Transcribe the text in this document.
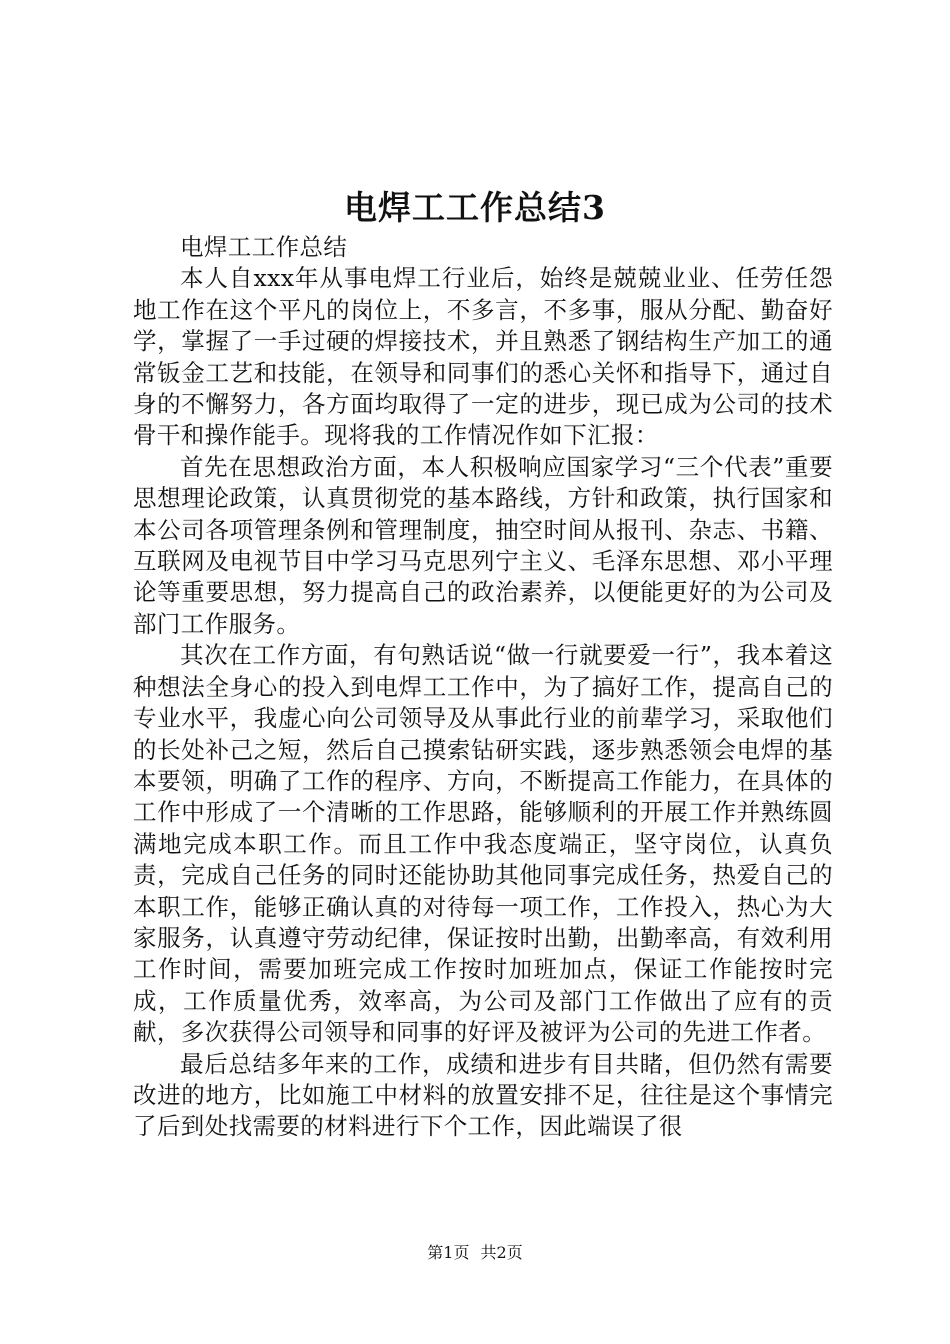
电焊工工作总结3

电焊工工作总结

本人自xxx年从事电焊工行业后，始终是兢兢业业、任劳任怨地工作在这个平凡的岗位上，不多言，不多事，服从分配、勤奋好学，掌握了一手过硬的焊接技术，并且熟悉了钢结构生产加工的通常钣金工艺和技能，在领导和同事们的悉心关怀和指导下，通过自身的不懈努力，各方面均取得了一定的进步，现已成为公司的技术骨干和操作能手。现将我的工作情况作如下汇报：

首先在思想政治方面，本人积极响应国家学习“三个代表”重要思想理论政策，认真贯彻党的基本路线，方针和政策，执行国家和本公司各项管理条例和管理制度，抽空时间从报刊、杂志、书籍、互联网及电视节目中学习马克思列宁主义、毛泽东思想、邓小平理论等重要思想，努力提高自己的政治素养，以便能更好的为公司及部门工作服务。

其次在工作方面，有句熟话说“做一行就要爱一行”，我本着这种想法全身心的投入到电焊工工作中，为了搞好工作，提高自己的专业水平，我虚心向公司领导及从事此行业的前辈学习，采取他们的长处补己之短，然后自己摸索钻研实践，逐步熟悉领会电焊的基本要领，明确了工作的程序、方向，不断提高工作能力，在具体的工作中形成了一个清晰的工作思路，能够顺利的开展工作并熟练圆满地完成本职工作。而且工作中我态度端正，坚守岗位，认真负责，完成自己任务的同时还能协助其他同事完成任务，热爱自己的本职工作，能够正确认真的对待每一项工作，工作投入，热心为大家服务，认真遵守劳动纪律，保证按时出勤，出勤率高，有效利用工作时间，需要加班完成工作按时加班加点，保证工作能按时完成，工作质量优秀，效率高，为公司及部门工作做出了应有的贡献，多次获得公司领导和同事的好评及被评为公司的先进工作者。

最后总结多年来的工作，成绩和进步有目共睹，但仍然有需要改进的地方，比如施工中材料的放置安排不足，往往是这个事情完了后到处找需要的材料进行下个工作，因此端误了很

第1页 共2页
